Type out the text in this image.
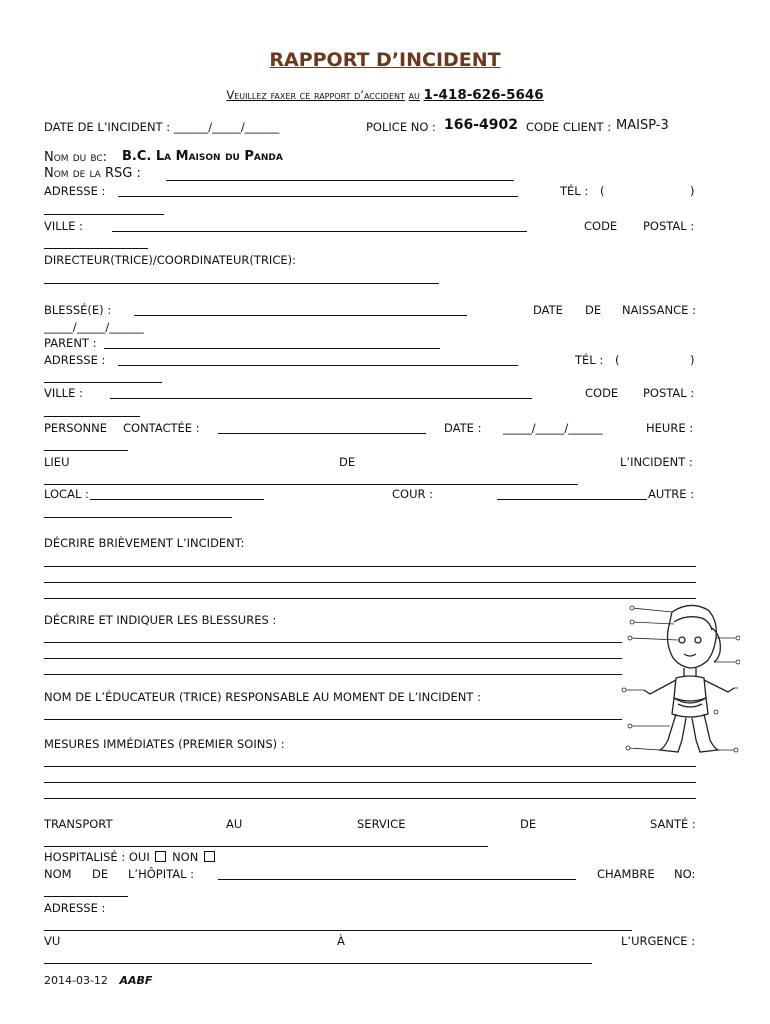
RAPPORT D’INCIDENT
Veuillez faxer ce rapport d’accident au 1-418-626-5646
DATE DE L’INCIDENT : ______/_____/______	POLICE NO : 166-4902 CODE CLIENT : MAISP-3
Nom du bc: B.C. La Maison du Panda
Nom de la RSG :
ADRESSE :	TÉL : (	)
VILLE :	CODE POSTAL :
DIRECTEUR(TRICE)/COORDINATEUR(TRICE):
BLESSÉ(E) :	DATE DE NAISSANCE :
_____/_____/______
PARENT :
ADRESSE :	TÉL : (	)
VILLE :	CODE POSTAL :
PERSONNE CONTACTÉE :	DATE : _____/_____/______	HEURE :
LIEU	DE	L’INCIDENT :
LOCAL :	COUR :	AUTRE :
DÉCRIRE BRIÈVEMENT L’INCIDENT:
DÉCRIRE ET INDIQUER LES BLESSURES :
NOM DE L’ÉDUCATEUR (TRICE) RESPONSABLE AU MOMENT DE L’INCIDENT :
MESURES IMMÉDIATES (PREMIER SOINS) :
TRANSPORT	AU	SERVICE	DE	SANTÉ :
HOSPITALISÉ : OUI NON
NOM DE L’HÔPITAL :	CHAMBRE NO:
ADRESSE :
VU	À	L’URGENCE :
2014-03-12 AABF
